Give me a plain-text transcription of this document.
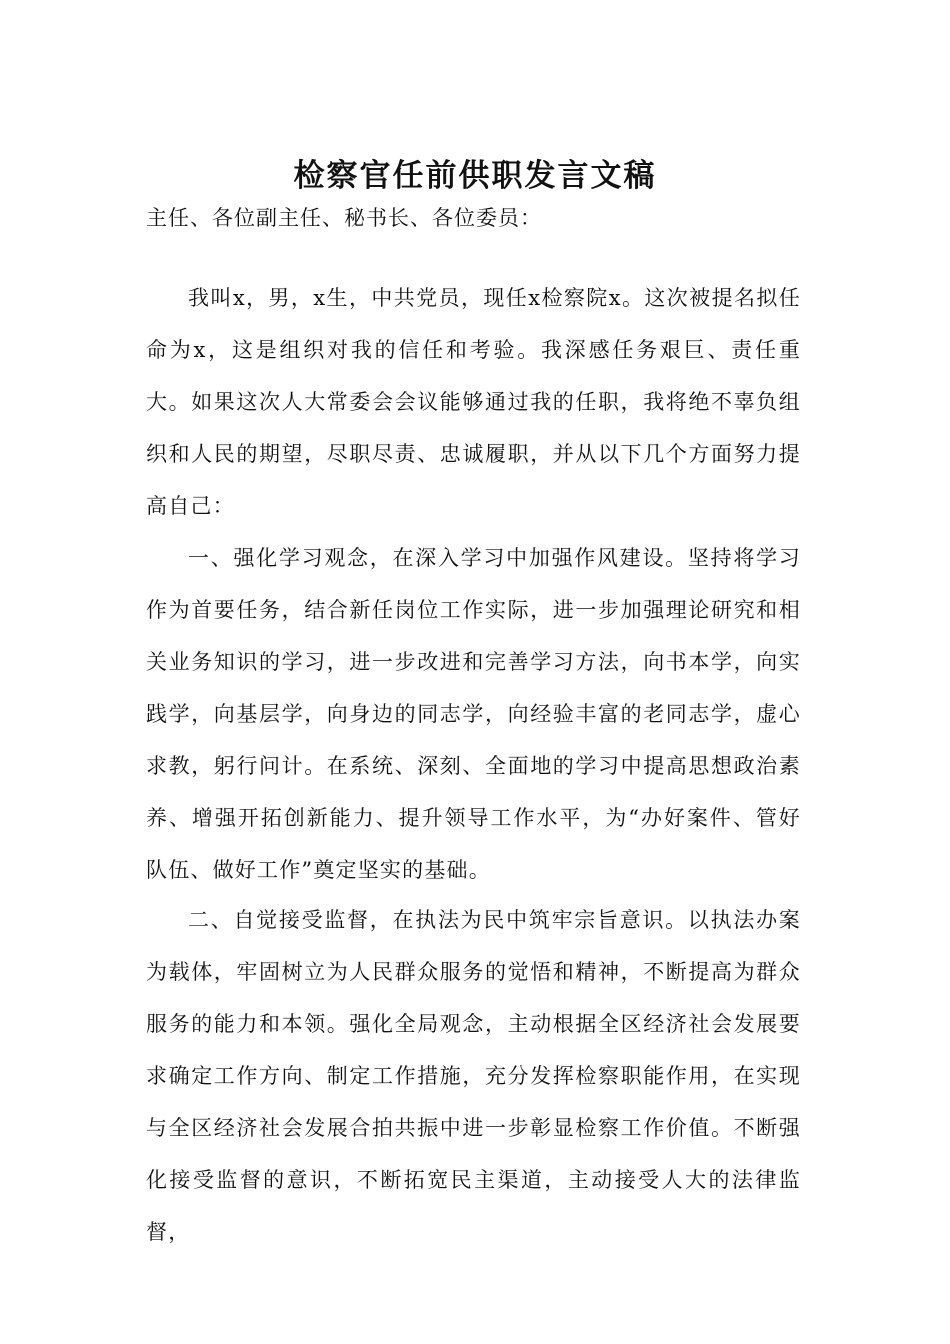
检察官任前供职发言文稿

主任、各位副主任、秘书长、各位委员：

我叫x，男，x生，中共党员，现任x检察院x。这次被提名拟任命为x，这是组织对我的信任和考验。我深感任务艰巨、责任重大。如果这次人大常委会会议能够通过我的任职，我将绝不辜负组织和人民的期望，尽职尽责、忠诚履职，并从以下几个方面努力提高自己：

一、强化学习观念，在深入学习中加强作风建设。坚持将学习作为首要任务，结合新任岗位工作实际，进一步加强理论研究和相关业务知识的学习，进一步改进和完善学习方法，向书本学，向实践学，向基层学，向身边的同志学，向经验丰富的老同志学，虚心求教，躬行问计。在系统、深刻、全面地的学习中提高思想政治素养、增强开拓创新能力、提升领导工作水平，为“办好案件、管好队伍、做好工作”奠定坚实的基础。

二、自觉接受监督，在执法为民中筑牢宗旨意识。以执法办案为载体，牢固树立为人民群众服务的觉悟和精神，不断提高为群众服务的能力和本领。强化全局观念，主动根据全区经济社会发展要求确定工作方向、制定工作措施，充分发挥检察职能作用，在实现与全区经济社会发展合拍共振中进一步彰显检察工作价值。不断强化接受监督的意识，不断拓宽民主渠道，主动接受人大的法律监督，
